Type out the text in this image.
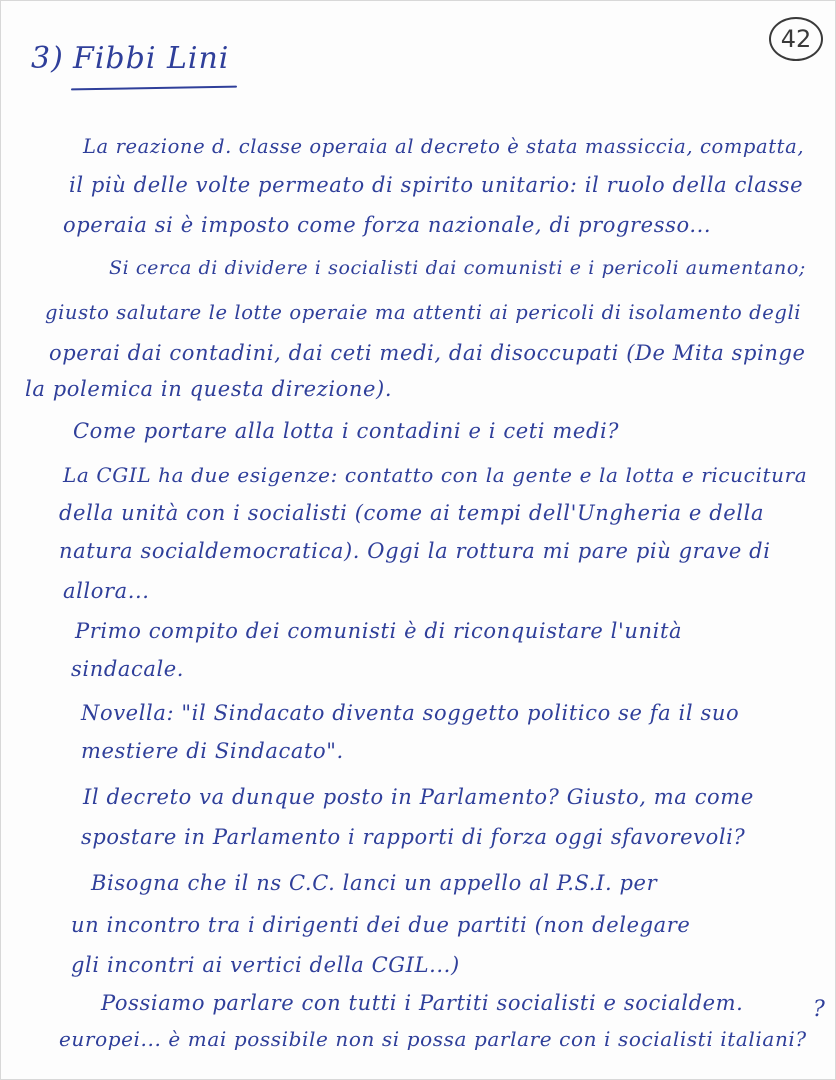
42
3) Fibbi Lini
La reazione d. classe operaia al decreto è stata massiccia, compatta,
il più delle volte permeato di spirito unitario: il ruolo della classe
operaia si è imposto come forza nazionale, di progresso...
Si cerca di dividere i socialisti dai comunisti e i pericoli aumentano;
giusto salutare le lotte operaie ma attenti ai pericoli di isolamento degli
operai dai contadini, dai ceti medi, dai disoccupati (De Mita spinge
la polemica in questa direzione).
Come portare alla lotta i contadini e i ceti medi?
La CGIL ha due esigenze: contatto con la gente e la lotta e ricucitura
della unità con i socialisti (come ai tempi dell'Ungheria e della
natura socialdemocratica). Oggi la rottura mi pare più grave di
allora...
Primo compito dei comunisti è di riconquistare l'unità
sindacale.
Novella: "il Sindacato diventa soggetto politico se fa il suo
mestiere di Sindacato".
Il decreto va dunque posto in Parlamento? Giusto, ma come
spostare in Parlamento i rapporti di forza oggi sfavorevoli?
Bisogna che il ns C.C. lanci un appello al P.S.I. per
un incontro tra i dirigenti dei due partiti (non delegare
gli incontri ai vertici della CGIL...)
Possiamo parlare con tutti i Partiti socialisti e socialdem.
europei... è mai possibile non si possa parlare con i socialisti italiani?
?
